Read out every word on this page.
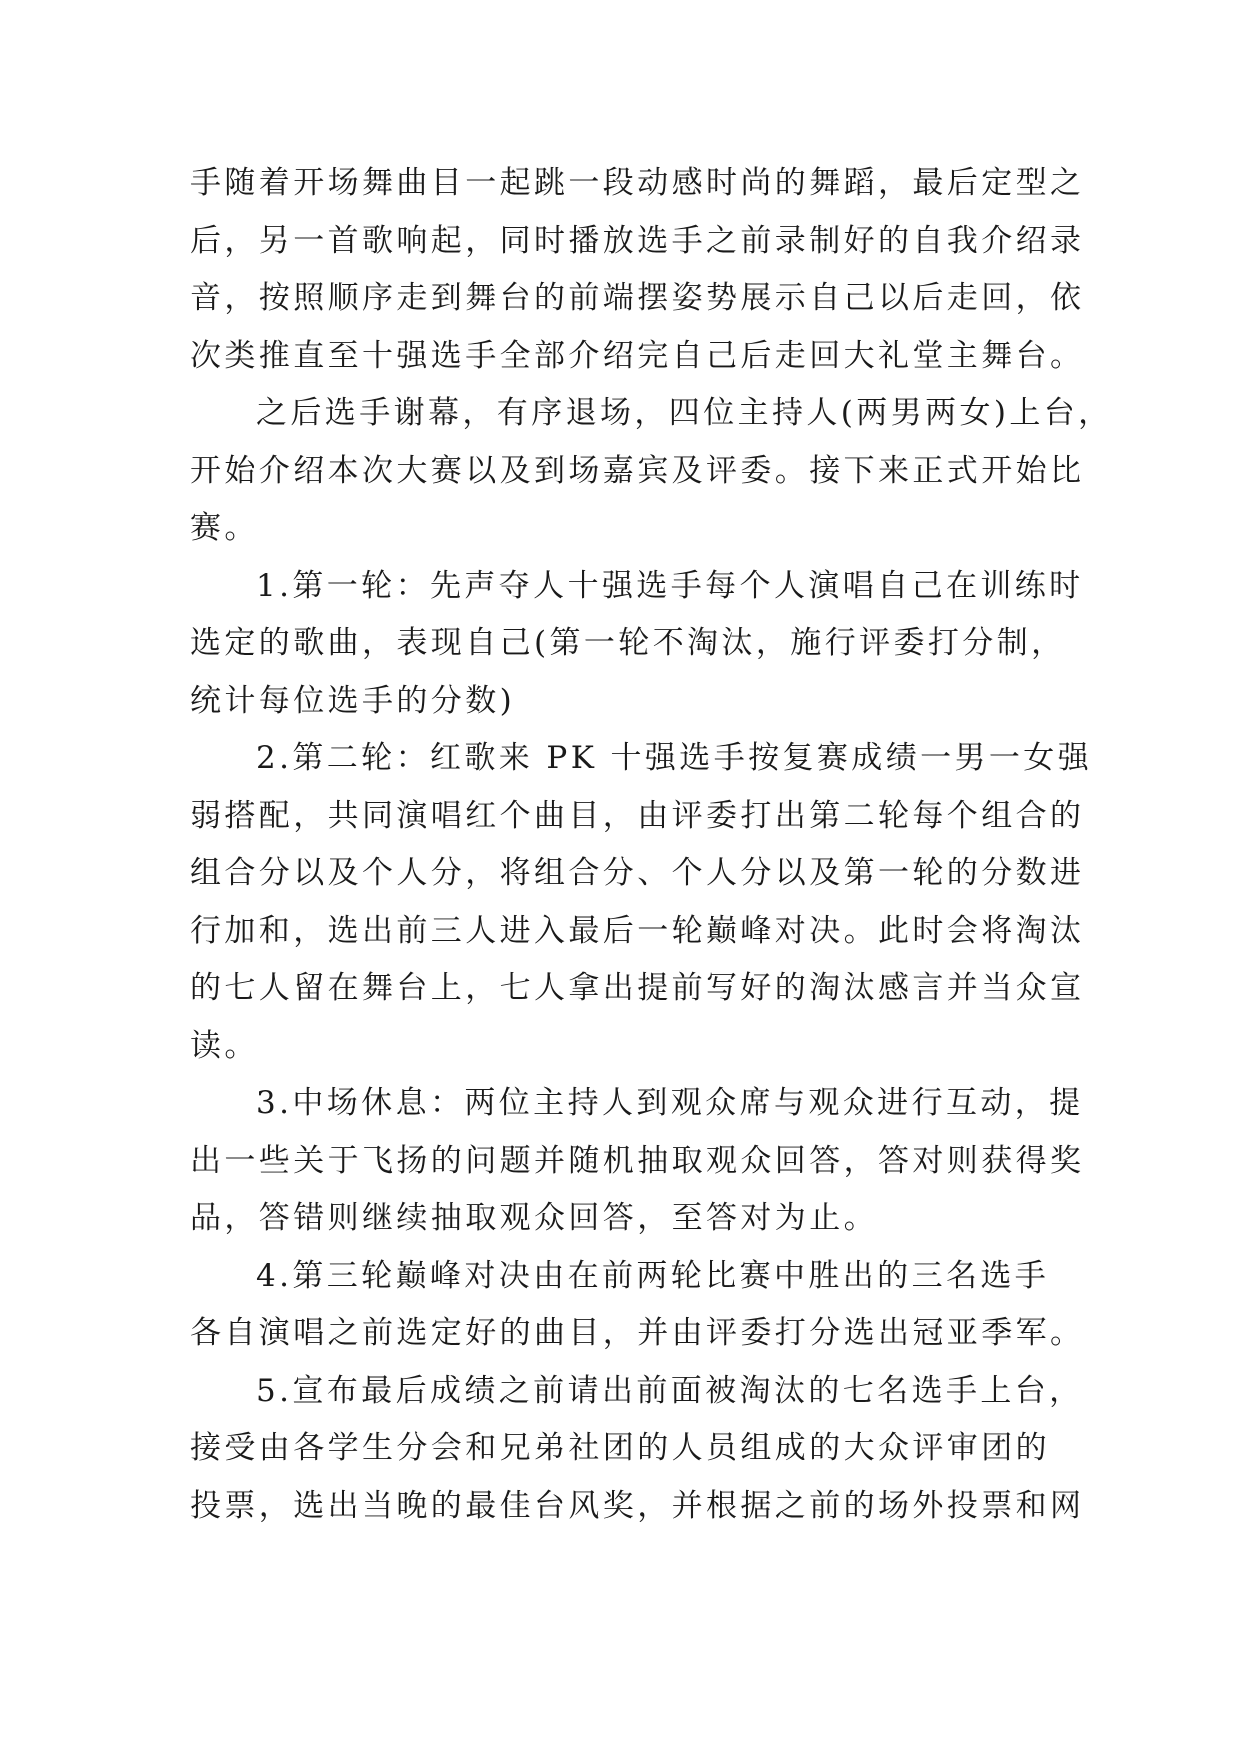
手随着开场舞曲目一起跳一段动感时尚的舞蹈，最后定型之
后，另一首歌响起，同时播放选手之前录制好的自我介绍录
音，按照顺序走到舞台的前端摆姿势展示自己以后走回，依
次类推直至十强选手全部介绍完自己后走回大礼堂主舞台。
之后选手谢幕，有序退场，四位主持人(两男两女)上台，
开始介绍本次大赛以及到场嘉宾及评委。接下来正式开始比
赛。
1.第一轮：先声夺人十强选手每个人演唱自己在训练时
选定的歌曲，表现自己(第一轮不淘汰，施行评委打分制，
统计每位选手的分数)
2.第二轮：红歌来 PK 十强选手按复赛成绩一男一女强
弱搭配，共同演唱红个曲目，由评委打出第二轮每个组合的
组合分以及个人分，将组合分、个人分以及第一轮的分数进
行加和，选出前三人进入最后一轮巅峰对决。此时会将淘汰
的七人留在舞台上，七人拿出提前写好的淘汰感言并当众宣
读。
3.中场休息：两位主持人到观众席与观众进行互动，提
出一些关于飞扬的问题并随机抽取观众回答，答对则获得奖
品，答错则继续抽取观众回答，至答对为止。
4.第三轮巅峰对决由在前两轮比赛中胜出的三名选手
各自演唱之前选定好的曲目，并由评委打分选出冠亚季军。
5.宣布最后成绩之前请出前面被淘汰的七名选手上台，
接受由各学生分会和兄弟社团的人员组成的大众评审团的
投票，选出当晚的最佳台风奖，并根据之前的场外投票和网
